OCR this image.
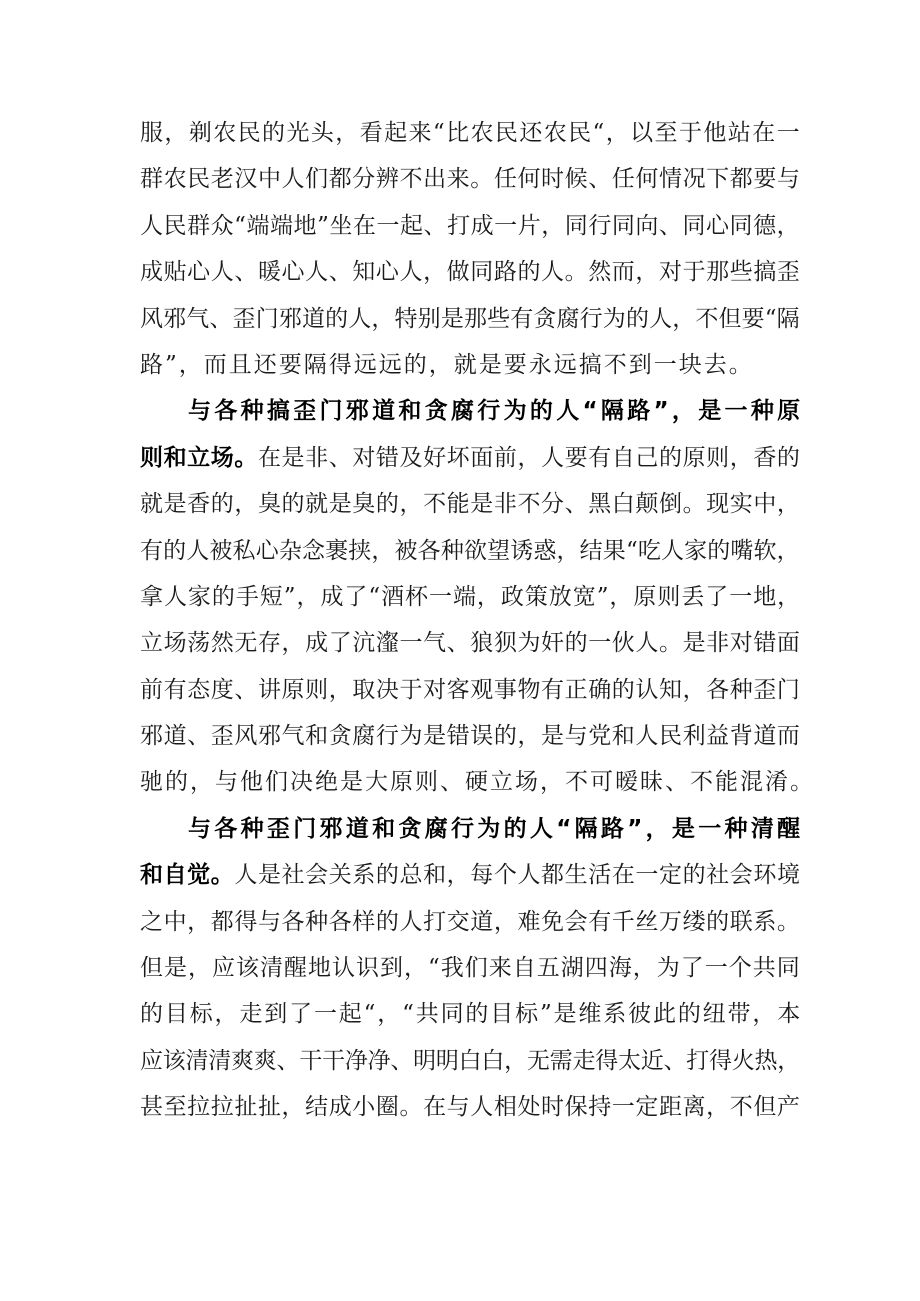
服，剃农民的光头，看起来“比农民还农民“，以至于他站在一
群农民老汉中人们都分辨不出来。任何时候、任何情况下都要与
人民群众“端端地”坐在一起、打成一片，同行同向、同心同德，
成贴心人、暖心人、知心人，做同路的人。然而，对于那些搞歪
风邪气、歪门邪道的人，特别是那些有贪腐行为的人，不但要“隔
路”，而且还要隔得远远的，就是要永远搞不到一块去。
与各种搞歪门邪道和贪腐行为的人“隔路”，是一种原
则和立场。在是非、对错及好坏面前，人要有自己的原则，香的
就是香的，臭的就是臭的，不能是非不分、黑白颠倒。现实中，
有的人被私心杂念裹挟，被各种欲望诱惑，结果“吃人家的嘴软，
拿人家的手短”，成了“酒杯一端，政策放宽”，原则丢了一地，
立场荡然无存，成了沆瀣一气、狼狈为奸的一伙人。是非对错面
前有态度、讲原则，取决于对客观事物有正确的认知，各种歪门
邪道、歪风邪气和贪腐行为是错误的，是与党和人民利益背道而
驰的，与他们决绝是大原则、硬立场，不可暧昧、不能混淆。
与各种歪门邪道和贪腐行为的人“隔路”，是一种清醒
和自觉。人是社会关系的总和，每个人都生活在一定的社会环境
之中，都得与各种各样的人打交道，难免会有千丝万缕的联系。
但是，应该清醒地认识到，“我们来自五湖四海，为了一个共同
的目标，走到了一起“，“共同的目标”是维系彼此的纽带，本
应该清清爽爽、干干净净、明明白白，无需走得太近、打得火热，
甚至拉拉扯扯，结成小圈。在与人相处时保持一定距离，不但产
